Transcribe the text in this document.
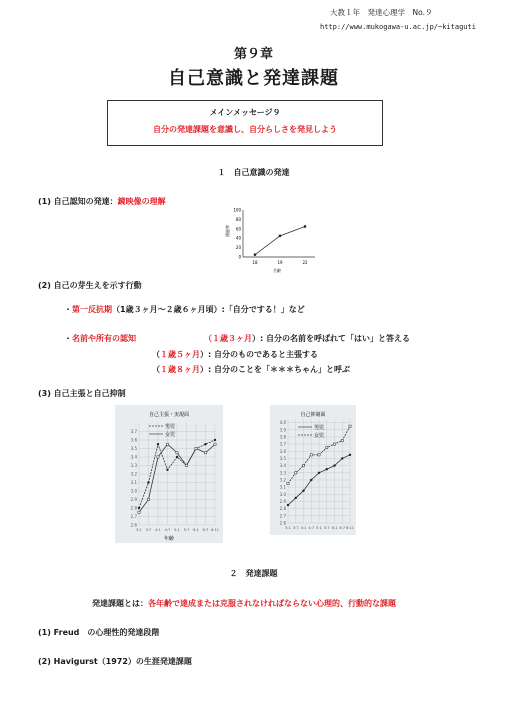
大教１年　発達心理学　No.９
http://www.mukogawa-u.ac.jp/~kitaguti
第９章
自己意識と発達課題
メインメッセージ９
自分の発達課題を意識し、自分らしさを発見しよう
１　自己意識の発達
(1) 自己認知の発達：鏡映像の理解
100
80
60
40
20
0
通過率
18	19	22
月齢
(2) 自己の芽生えを示す行動
・第一反抗期（1歳３ヶ月〜２歳６ヶ月頃）:「自分でする！」など
・名前や所有の認知	（１歳３ヶ月）: 自分の名前を呼ばれて「はい」と答える
（１歳５ヶ月）: 自分のものであると主張する
（１歳８ヶ月）: 自分のことを「＊＊＊ちゃん」と呼ぶ
(3) 自己主張と自己抑制
自己主張・実現面
3.7
3.6
3.5
3.4
3.3
3.2
3.1
3.0
2.9
2.8
2.7
2.6
3:1 3:7 4:1 4:7 5:1 5:7 6:1 6:7 6:11
男児
女児
年齢
自己抑制面
4.0
3.9
3.8
3.7
3.6
3.5
3.4
3.3
3.2
3.1
3.0
2.9
2.8
2.7
2.6
3:1 3:7 4:1 4:7 5:1 5:7 6:1 6:7 6:11
男児
女児
２　発達課題
発達課題とは：各年齢で達成または克服されなければならない心理的、行動的な課題
(1) Freud　の心理性的発達段階
(2) Havigurst（1972）の生涯発達課題
